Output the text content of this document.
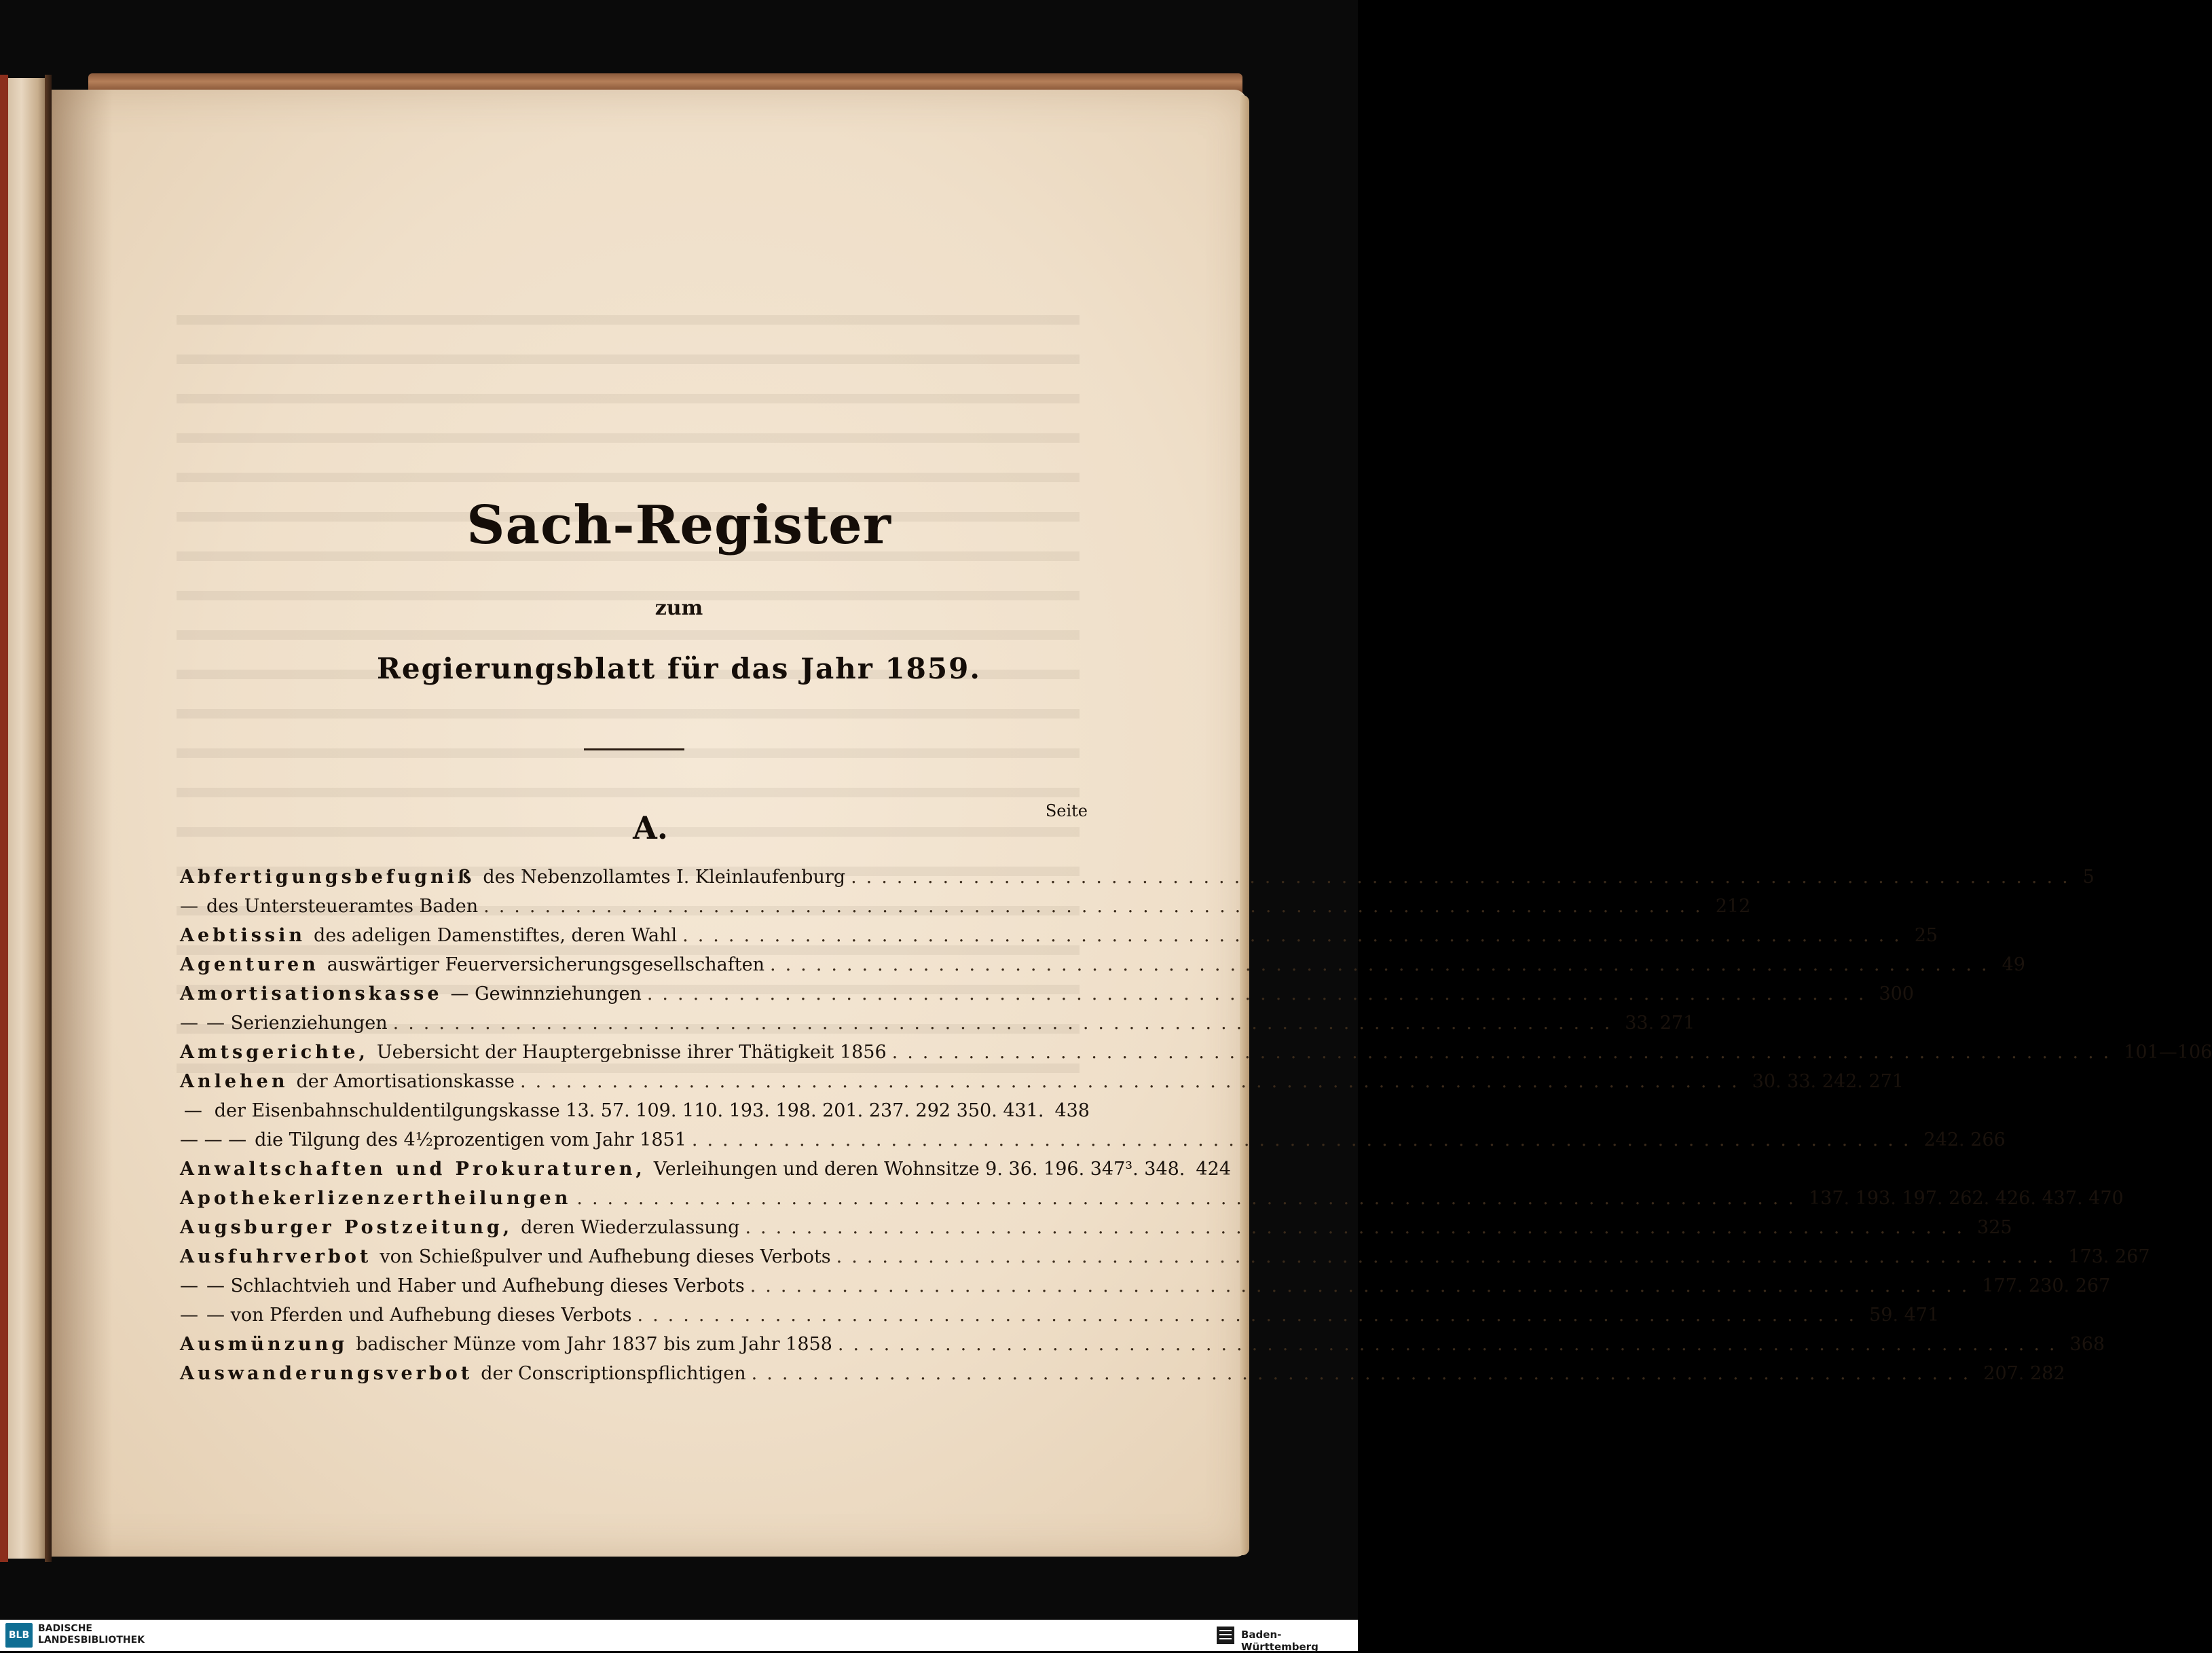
Sach-Register
zum
Regierungsblatt für das Jahr 1859.
Seite
A.
Abfertigungsbefugniß des Nebenzollamtes I. Kleinlaufenburg ................................................................................ 5
— des Untersteueramtes Baden ................................................................................ 212
Aebtissin des adeligen Damenstiftes, deren Wahl ................................................................................ 25
Agenturen auswärtiger Feuerversicherungsgesellschaften ................................................................................ 49
Amortisationskasse — Gewinnziehungen ................................................................................ 300
— — Serienziehungen ................................................................................ 33. 271
Amtsgerichte, Uebersicht der Hauptergebnisse ihrer Thätigkeit 1856 ................................................................................ 101—106
Anlehen der Amortisationskasse ................................................................................ 30. 33. 242. 271
— der Eisenbahnschuldentilgungskasse 13. 57. 109. 110. 193. 198. 201. 237. 292 350. 431. 438
— — — die Tilgung des 4½prozentigen vom Jahr 1851 ................................................................................ 242. 266
Anwaltschaften und Prokuraturen, Verleihungen und deren Wohnsitze 9. 36. 196. 347³. 348. 424
Apothekerlizenzertheilungen ................................................................................ 137. 193. 197. 262. 426. 437. 470
Augsburger Postzeitung, deren Wiederzulassung ................................................................................ 325
Ausfuhrverbot von Schießpulver und Aufhebung dieses Verbots ................................................................................ 173. 267
— — Schlachtvieh und Haber und Aufhebung dieses Verbots ................................................................................ 177. 230. 267
— — von Pferden und Aufhebung dieses Verbots ................................................................................ 59. 471
Ausmünzung badischer Münze vom Jahr 1837 bis zum Jahr 1858 ................................................................................ 368
Auswanderungsverbot der Conscriptionspflichtigen ................................................................................ 207. 282
BLB
BADISCHE
LANDESBIBLIOTHEK	Baden-Württemberg
